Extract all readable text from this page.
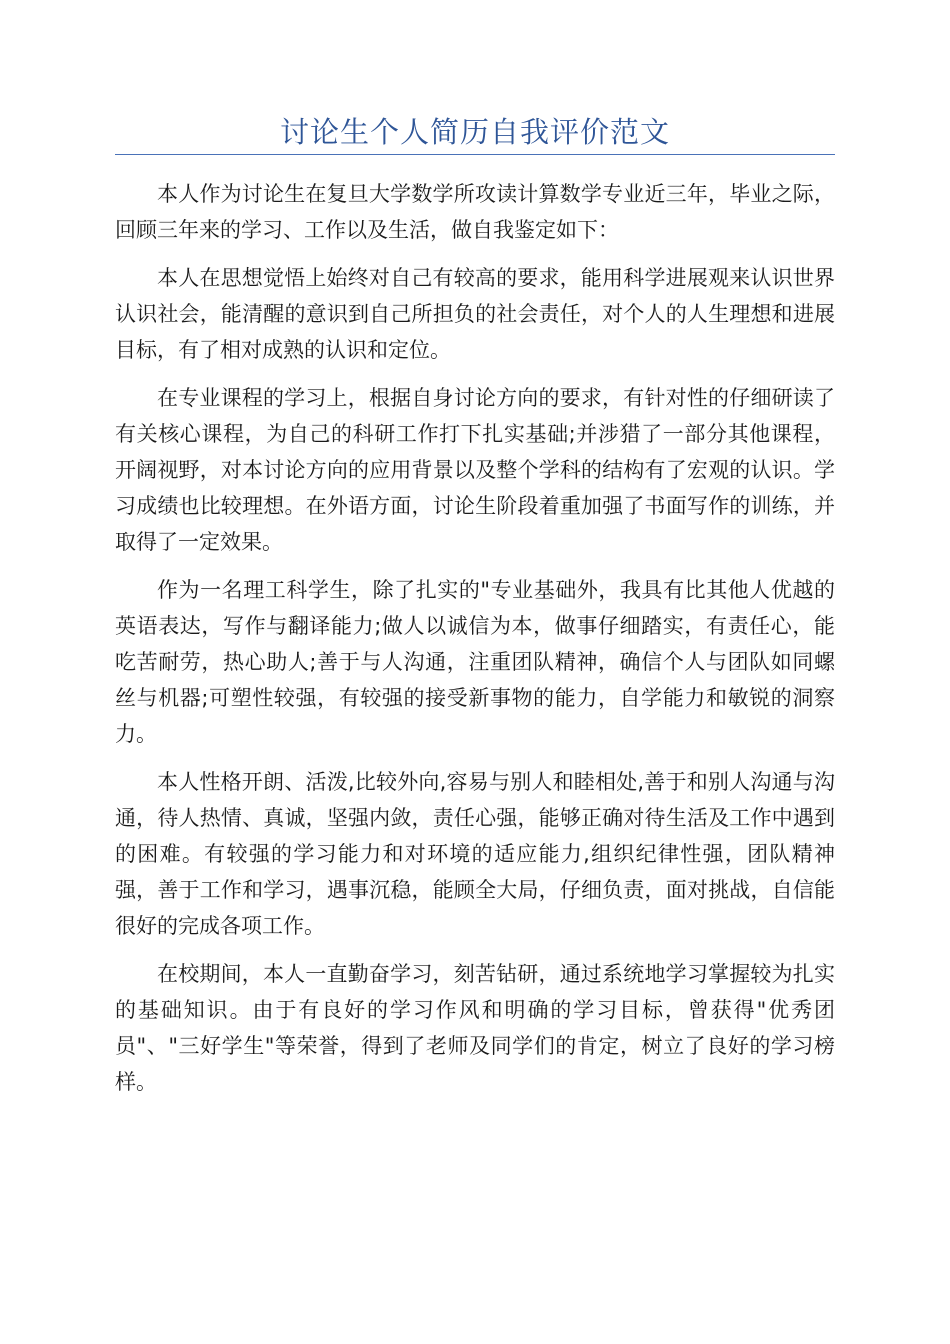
讨论生个人简历自我评价范文

本人作为讨论生在复旦大学数学所攻读计算数学专业近三年，毕业之际，回顾三年来的学习、工作以及生活，做自我鉴定如下：

本人在思想觉悟上始终对自己有较高的要求，能用科学进展观来认识世界认识社会，能清醒的意识到自己所担负的社会责任，对个人的人生理想和进展目标，有了相对成熟的认识和定位。

在专业课程的学习上，根据自身讨论方向的要求，有针对性的仔细研读了有关核心课程，为自己的科研工作打下扎实基础;并涉猎了一部分其他课程，开阔视野，对本讨论方向的应用背景以及整个学科的结构有了宏观的认识。学习成绩也比较理想。在外语方面，讨论生阶段着重加强了书面写作的训练，并取得了一定效果。

作为一名理工科学生，除了扎实的"专业基础外，我具有比其他人优越的英语表达，写作与翻译能力;做人以诚信为本，做事仔细踏实，有责任心，能吃苦耐劳，热心助人;善于与人沟通，注重团队精神，确信个人与团队如同螺丝与机器;可塑性较强，有较强的接受新事物的能力，自学能力和敏锐的洞察力。

本人性格开朗、活泼,比较外向,容易与别人和睦相处,善于和别人沟通与沟通，待人热情、真诚，坚强内敛，责任心强，能够正确对待生活及工作中遇到的困难。有较强的学习能力和对环境的适应能力,组织纪律性强，团队精神强，善于工作和学习，遇事沉稳，能顾全大局，仔细负责，面对挑战，自信能很好的完成各项工作。

在校期间，本人一直勤奋学习，刻苦钻研，通过系统地学习掌握较为扎实的基础知识。由于有良好的学习作风和明确的学习目标，曾获得"优秀团员"、"三好学生"等荣誉，得到了老师及同学们的肯定，树立了良好的学习榜样。
